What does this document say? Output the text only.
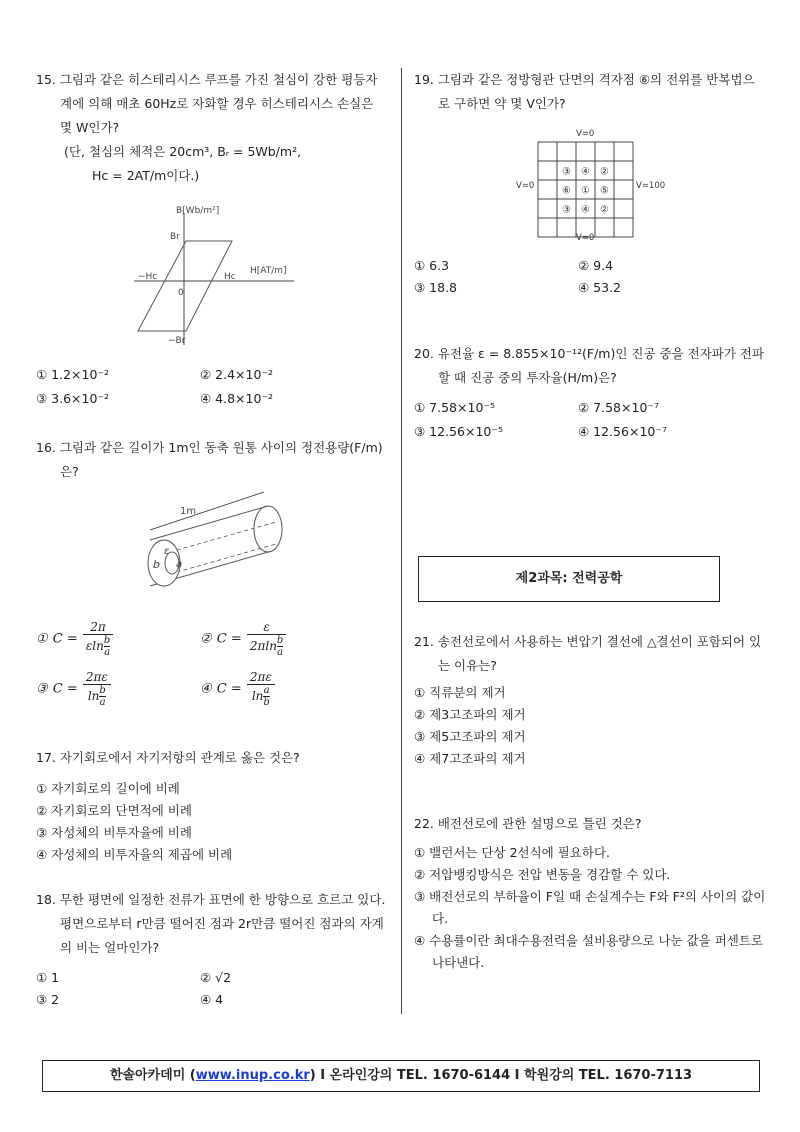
15. 그림과 같은 히스테리시스 루프를 가진 철심이 강한 평등자계에 의해 매초 60Hz로 자화할 경우 히스테리시스 손실은 몇 W인가?
(단, 철심의 체적은 20cm³, Bᵣ = 5Wb/m²,
Hc = 2AT/m이다.)
B[Wb/m²]
Br
−Br
−Hc	Hc
H[AT/m]
0
① 1.2×10⁻²	② 2.4×10⁻²
③ 3.6×10⁻²	④ 4.8×10⁻²
16. 그림과 같은 길이가 1m인 동축 원통 사이의 정전용량(F/m)은?
1m
b
ε
a
① $C = \frac{2\pi}{\varepsilon\ln \frac{b}{a}}$	② $C = \frac{\varepsilon}{2\pi\ln \frac{b}{a}}$
③ $C = \frac{2\pi\varepsilon}{\ln \frac{b}{a}}$	④ $C = \frac{2\pi\varepsilon}{\ln \frac{a}{b}}$
17. 자기회로에서 자기저항의 관계로 옳은 것은?
① 자기회로의 길이에 비례
② 자기회로의 단면적에 비례
③ 자성체의 비투자율에 비례
④ 자성체의 비투자율의 제곱에 비례
18. 무한 평면에 일정한 전류가 표면에 한 방향으로 흐르고 있다. 평면으로부터 r만큼 떨어진 점과 2r만큼 떨어진 점과의 자계의 비는 얼마인가?
① 1	② √2
③ 2	④ 4
19. 그림과 같은 정방형관 단면의 격자점 ⑥의 전위를 반복법으로 구하면 약 몇 V인가?
V=0
V=0
V=0	V=100
③ ④ ②
⑥ ① ⑤
③ ④ ②
① 6.3	② 9.4
③ 18.8	④ 53.2
20. 유전율 ε = 8.855×10⁻¹²(F/m)인 진공 중을 전자파가 전파할 때 진공 중의 투자율(H/m)은?
① 7.58×10⁻⁵	② 7.58×10⁻⁷
③ 12.56×10⁻⁵	④ 12.56×10⁻⁷
제2과목: 전력공학
21. 송전선로에서 사용하는 변압기 결선에 △결선이 포함되어 있는 이유는?
① 직류분의 제거
② 제3고조파의 제거
③ 제5고조파의 제거
④ 제7고조파의 제거
22. 배전선로에 관한 설명으로 틀린 것은?
① 밸런서는 단상 2선식에 필요하다.
② 저압뱅킹방식은 전압 변동을 경감할 수 있다.
③ 배전선로의 부하율이 F일 때 손실계수는 F와 F²의 사이의 값이다.
④ 수용률이란 최대수용전력을 설비용량으로 나눈 값을 퍼센트로 나타낸다.
한솔아카데미 (www.inup.co.kr) I 온라인강의 TEL. 1670-6144 I 학원강의 TEL. 1670-7113
